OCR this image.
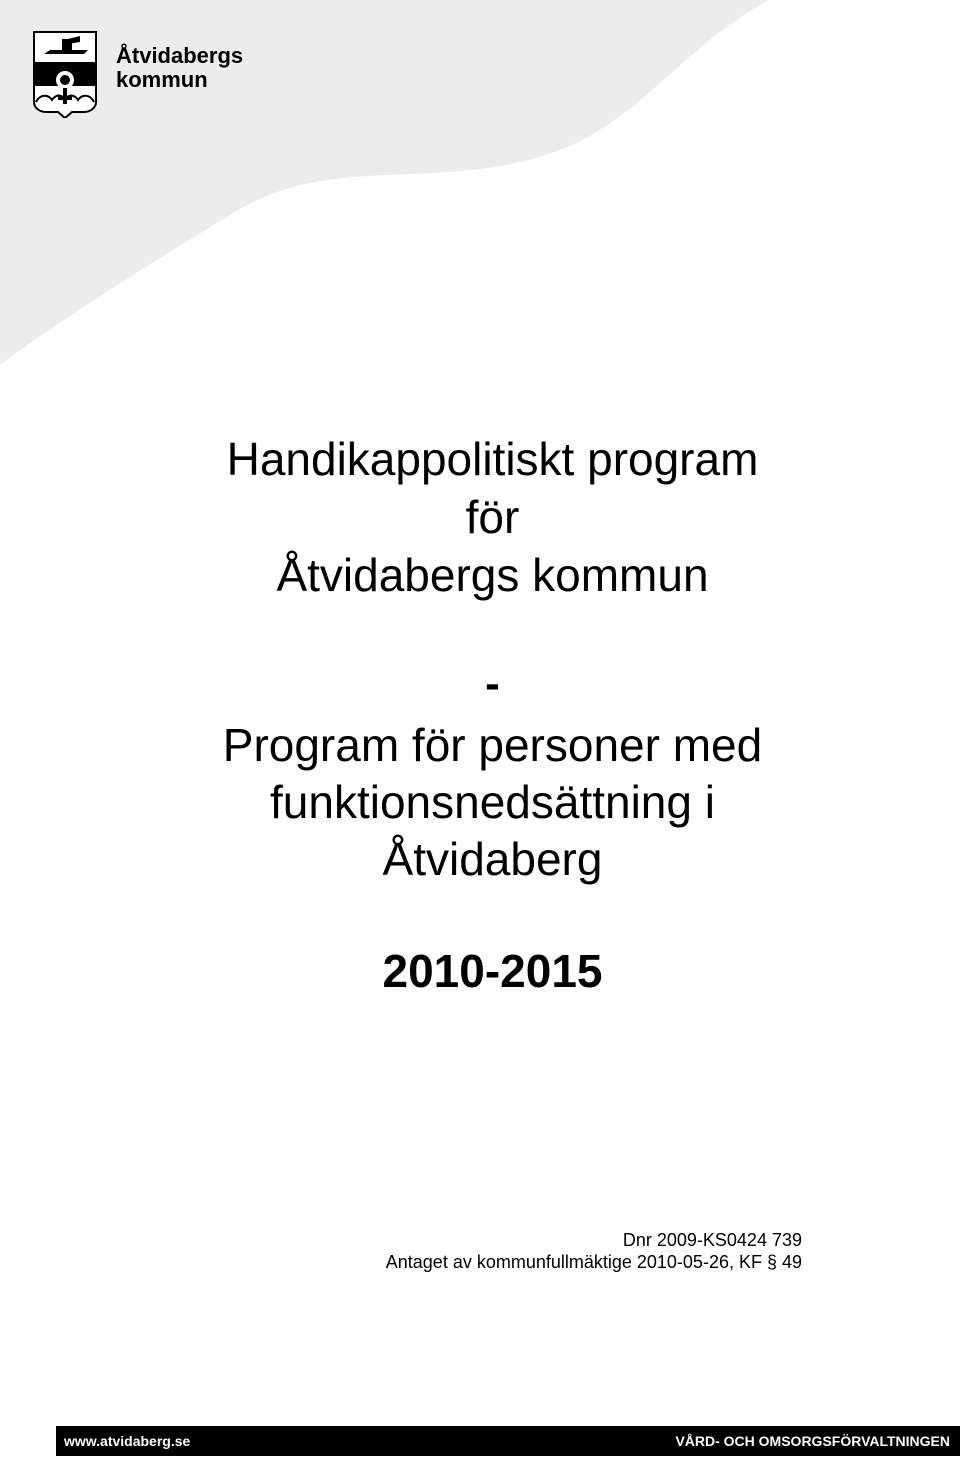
Åtvidabergs
kommun
Handikappolitiskt program
för
Åtvidabergs kommun
-
Program för personer med
funktionsnedsättning i
Åtvidaberg
2010-2015
Dnr 2009-KS0424 739
Antaget av kommunfullmäktige 2010-05-26, KF § 49
www.atvidaberg.se	VÅRD- OCH OMSORGSFÖRVALTNINGEN
